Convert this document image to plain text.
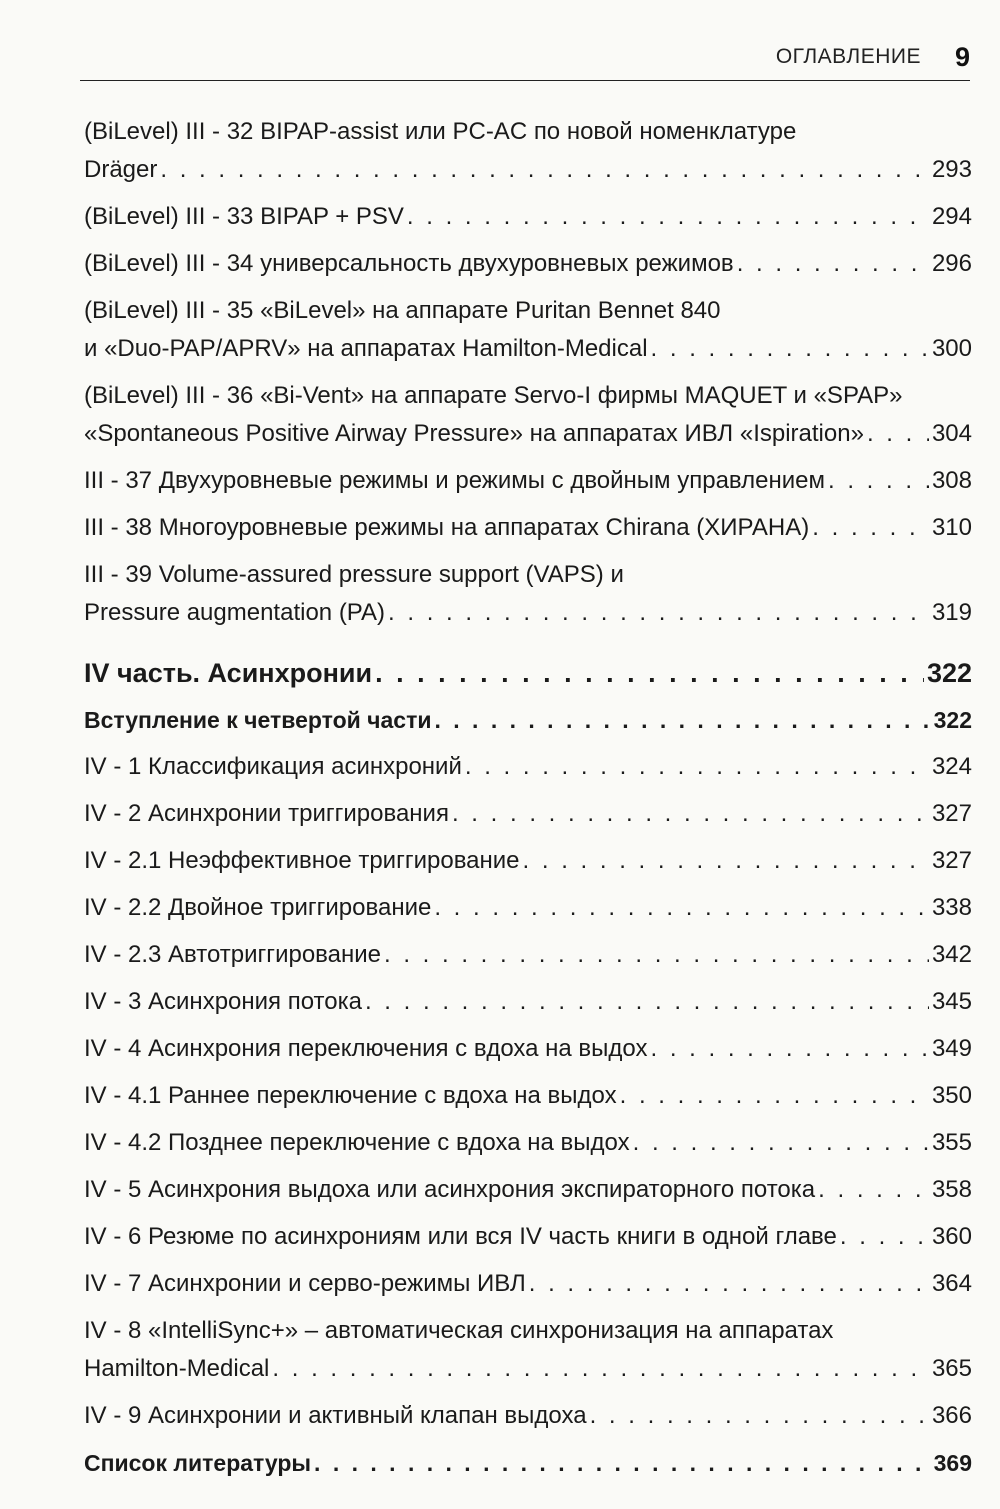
ОГЛАВЛЕНИЕ 9
(BiLevel) III - 32 BIPAP-assist или PC-AC по новой номенклатуре
Dräger . . .	293
(BiLevel) III - 33 BIPAP + PSV . . .	294
(BiLevel) III - 34 универсальность двухуровневых режимов . . .	296
(BiLevel) III - 35 «BiLevel» на аппарате Puritan Bennet 840
и «Duo-PAP/APRV» на аппаратах Hamilton-Medical . . .	300
(BiLevel) III - 36 «Bi-Vent» на аппарате Servo-I фирмы MAQUET и «SPAP»
«Spontaneous Positive Airway Pressure» на аппаратах ИВЛ «Ispiration» . . .	304
III - 37 Двухуровневые режимы и режимы с двойным управлением . . .	308
III - 38 Многоуровневые режимы на аппаратах Chirana (ХИРАНА) . . .	310
III - 39 Volume-assured pressure support (VAPS) и
Pressure augmentation (PA) . . .	319
IV часть. Асинхронии . . .	322
Вступление к четвертой части . . .	322
IV - 1 Классификация асинхроний . . .	324
IV - 2 Асинхронии триггирования . . .	327
IV - 2.1 Неэффективное триггирование . . .	327
IV - 2.2 Двойное триггирование . . .	338
IV - 2.3 Автотриггирование . . .	342
IV - 3 Асинхрония потока . . .	345
IV - 4 Асинхрония переключения с вдоха на выдох . . .	349
IV - 4.1 Раннее переключение с вдоха на выдох . . .	350
IV - 4.2 Позднее переключение с вдоха на выдох . . .	355
IV - 5 Асинхрония выдоха или асинхрония экспираторного потока . . .	358
IV - 6 Резюме по асинхрониям или вся IV часть книги в одной главе . . .	360
IV - 7 Асинхронии и серво-режимы ИВЛ . . .	364
IV - 8 «IntelliSync+» – автоматическая синхронизация на аппаратах
Hamilton-Medical . . .	365
IV - 9 Асинхронии и активный клапан выдоха . . .	366
Список литературы . . .	369
